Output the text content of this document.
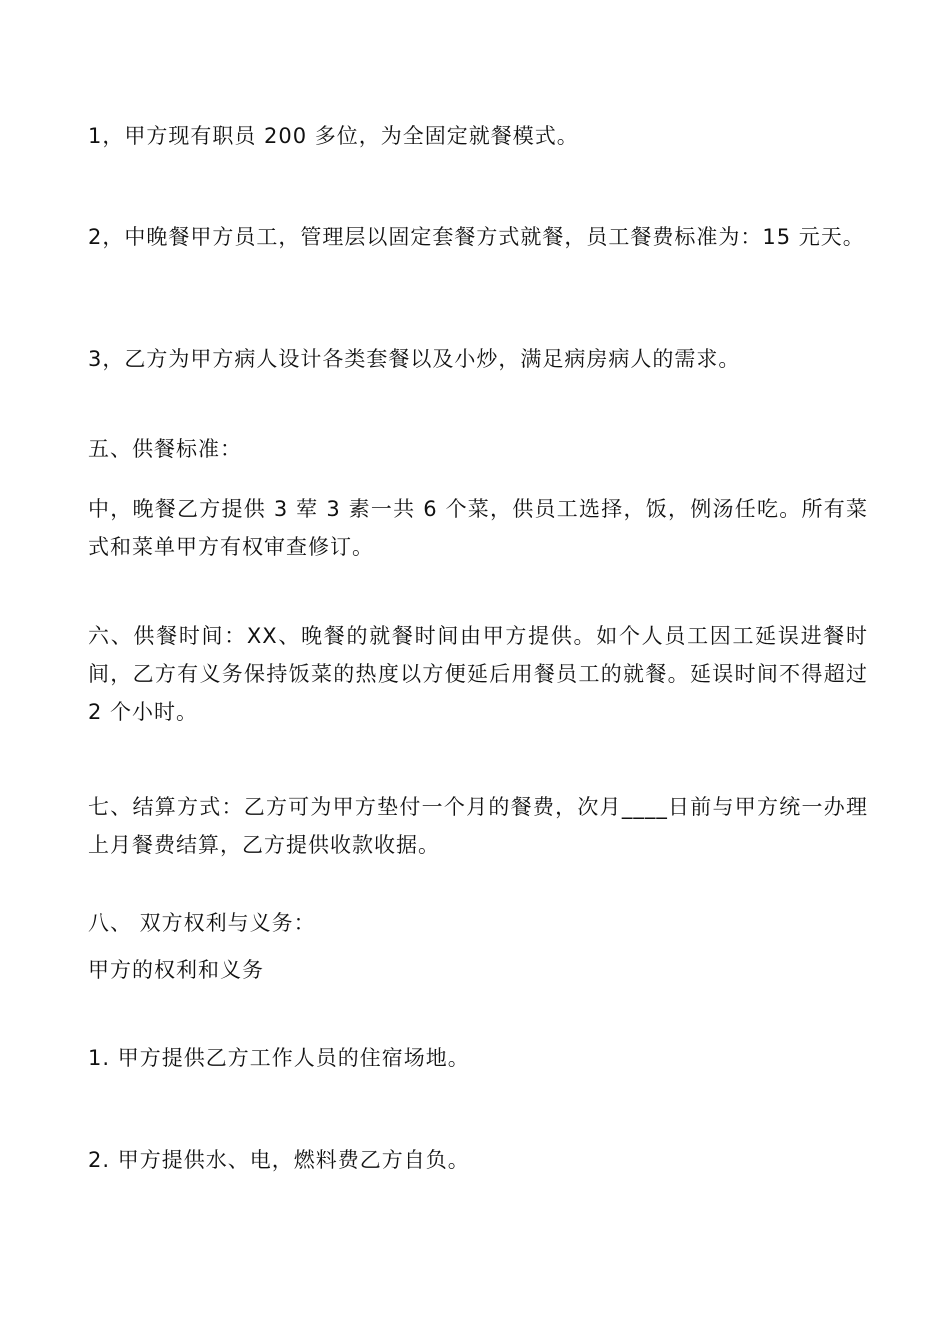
1，甲方现有职员 200 多位，为全固定就餐模式。

2，中晚餐甲方员工，管理层以固定套餐方式就餐，员工餐费标准为：15 元天。

3，乙方为甲方病人设计各类套餐以及小炒，满足病房病人的需求。

五、供餐标准：

中，晚餐乙方提供 3 荤 3 素一共 6 个菜，供员工选择，饭，例汤任吃。所有菜式和菜单甲方有权审查修订。

六、供餐时间：XX、晚餐的就餐时间由甲方提供。如个人员工因工延误进餐时间，乙方有义务保持饭菜的热度以方便延后用餐员工的就餐。延误时间不得超过 2 个小时。

七、结算方式：乙方可为甲方垫付一个月的餐费，次月____日前与甲方统一办理上月餐费结算，乙方提供收款收据。

八、 双方权利与义务：

甲方的权利和义务

1. 甲方提供乙方工作人员的住宿场地。

2. 甲方提供水、电，燃料费乙方自负。
